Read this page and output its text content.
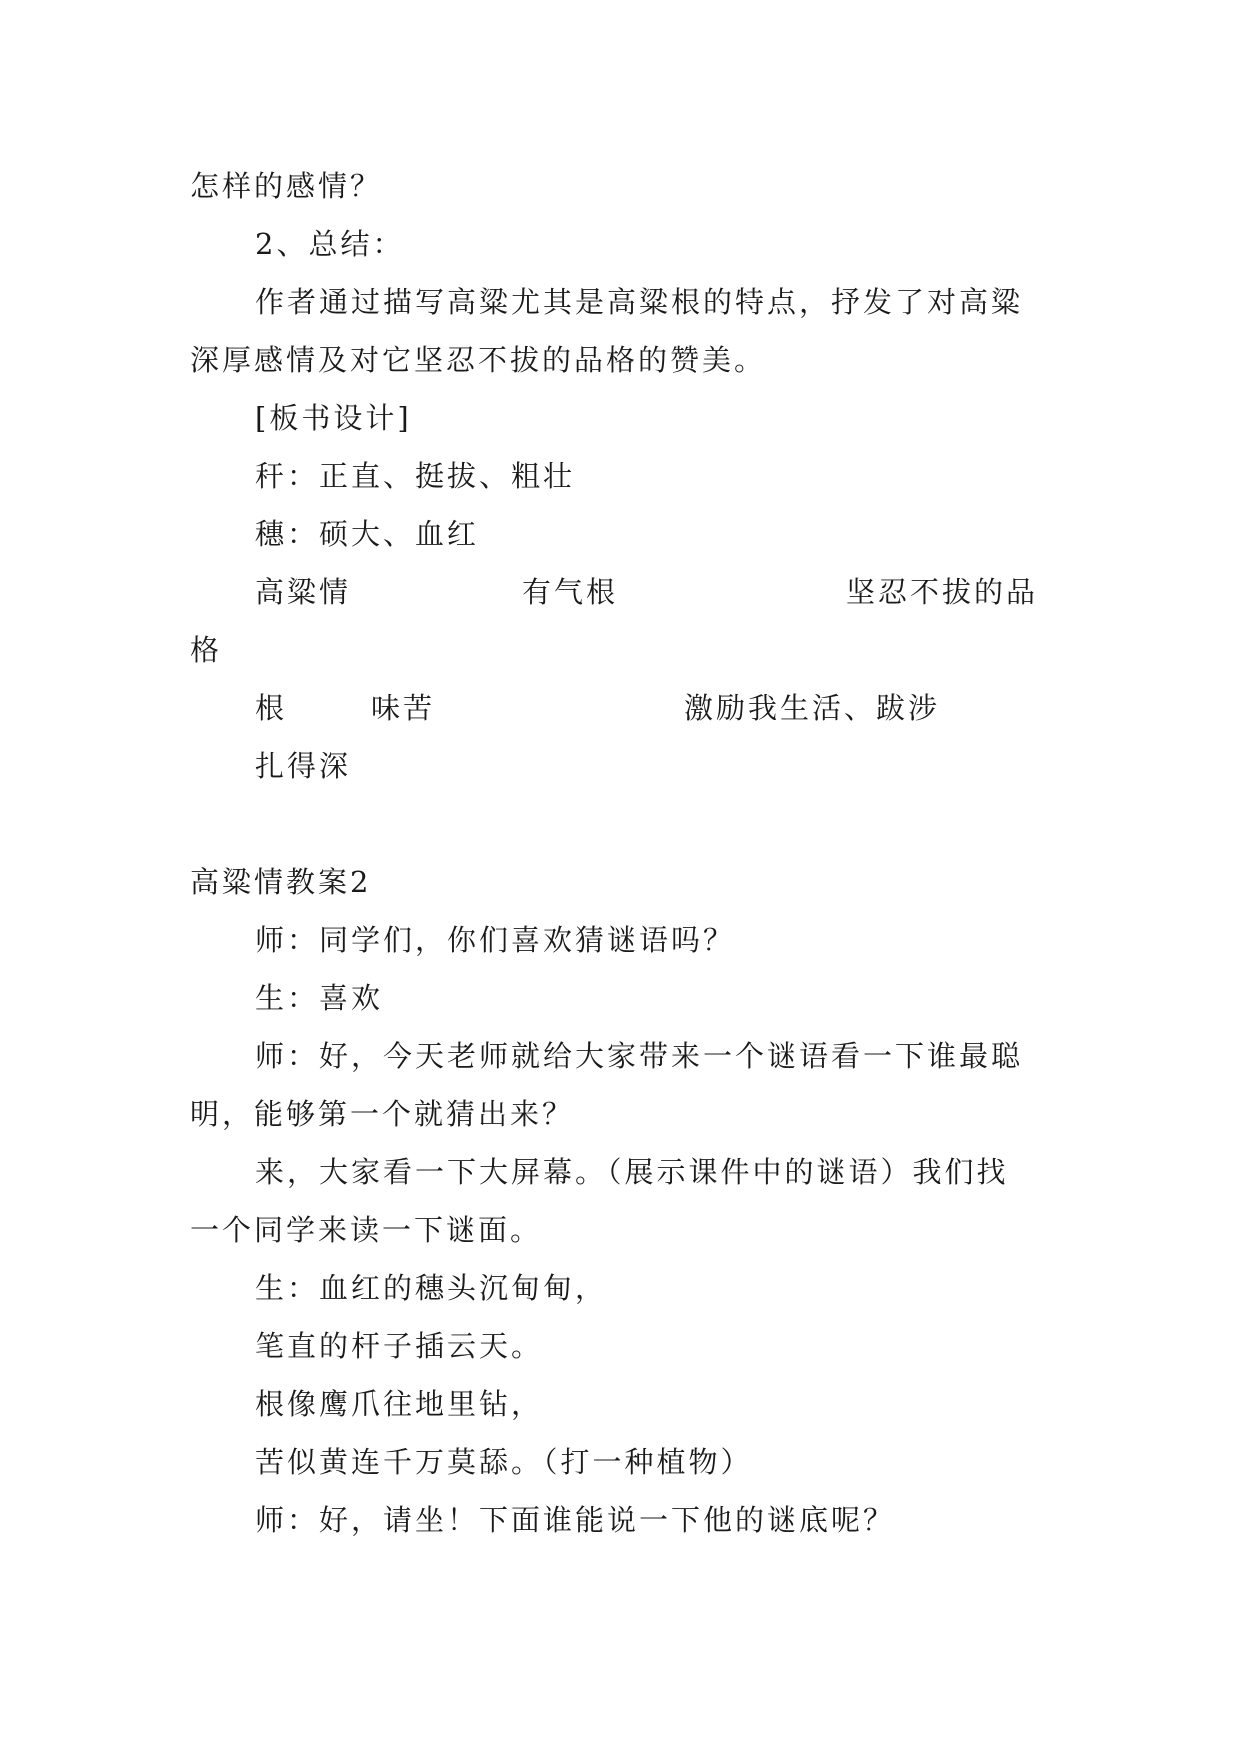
怎样的感情？
2、总结：
作者通过描写高粱尤其是高粱根的特点，抒发了对高粱
深厚感情及对它坚忍不拔的品格的赞美。
[板书设计]
秆：正直、挺拔、粗壮
穗：硕大、血红
高粱情	有气根	坚忍不拔的品
格
根	味苦	激励我生活、跋涉
扎得深
高粱情教案2
师：同学们，你们喜欢猜谜语吗？
生：喜欢
师：好，今天老师就给大家带来一个谜语看一下谁最聪
明，能够第一个就猜出来？
来，大家看一下大屏幕。（展示课件中的谜语）我们找
一个同学来读一下谜面。
生：血红的穗头沉甸甸，
笔直的杆子插云天。
根像鹰爪往地里钻，
苦似黄连千万莫舔。（打一种植物）
师：好，请坐！下面谁能说一下他的谜底呢？
